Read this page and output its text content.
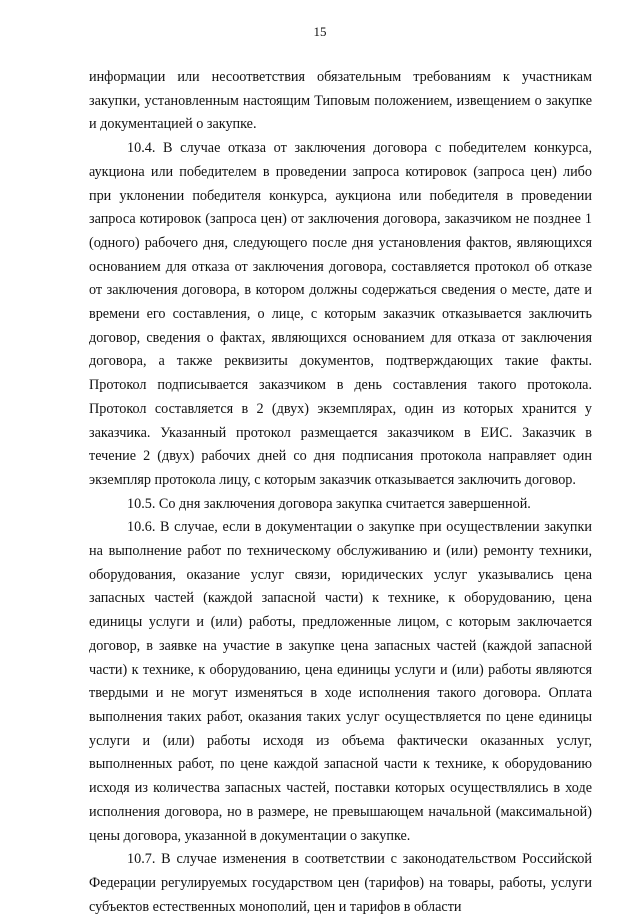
15

информации или несоответствия обязательным требованиям к участникам закупки, установленным настоящим Типовым положением, извещением о закупке и документацией о закупке.

10.4. В случае отказа от заключения договора с победителем конкурса, аукциона или победителем в проведении запроса котировок (запроса цен) либо при уклонении победителя конкурса, аукциона или победителя в проведении запроса котировок (запроса цен) от заключения договора, заказчиком не позднее 1 (одного) рабочего дня, следующего после дня установления фактов, являющихся основанием для отказа от заключения договора, составляется протокол об отказе от заключения договора, в котором должны содержаться сведения о месте, дате и времени его составления, о лице, с которым заказчик отказывается заключить договор, сведения о фактах, являющихся основанием для отказа от заключения договора, а также реквизиты документов, подтверждающих такие факты. Протокол подписывается заказчиком в день составления такого протокола. Протокол составляется в 2 (двух) экземплярах, один из которых хранится у заказчика. Указанный протокол размещается заказчиком в ЕИС. Заказчик в течение 2 (двух) рабочих дней со дня подписания протокола направляет один экземпляр протокола лицу, с которым заказчик отказывается заключить договор.

10.5. Со дня заключения договора закупка считается завершенной.

10.6. В случае, если в документации о закупке при осуществлении закупки на выполнение работ по техническому обслуживанию и (или) ремонту техники, оборудования, оказание услуг связи, юридических услуг указывались цена запасных частей (каждой запасной части) к технике, к оборудованию, цена единицы услуги и (или) работы, предложенные лицом, с которым заключается договор, в заявке на участие в закупке цена запасных частей (каждой запасной части) к технике, к оборудованию, цена единицы услуги и (или) работы являются твердыми и не могут изменяться в ходе исполнения такого договора. Оплата выполнения таких работ, оказания таких услуг осуществляется по цене единицы услуги и (или) работы исходя из объема фактически оказанных услуг, выполненных работ, по цене каждой запасной части к технике, к оборудованию исходя из количества запасных частей, поставки которых осуществлялись в ходе исполнения договора, но в размере, не превышающем начальной (максимальной) цены договора, указанной в документации о закупке.

10.7. В случае изменения в соответствии с законодательством Российской Федерации регулируемых государством цен (тарифов) на товары, работы, услуги субъектов естественных монополий, цен и тарифов в области
